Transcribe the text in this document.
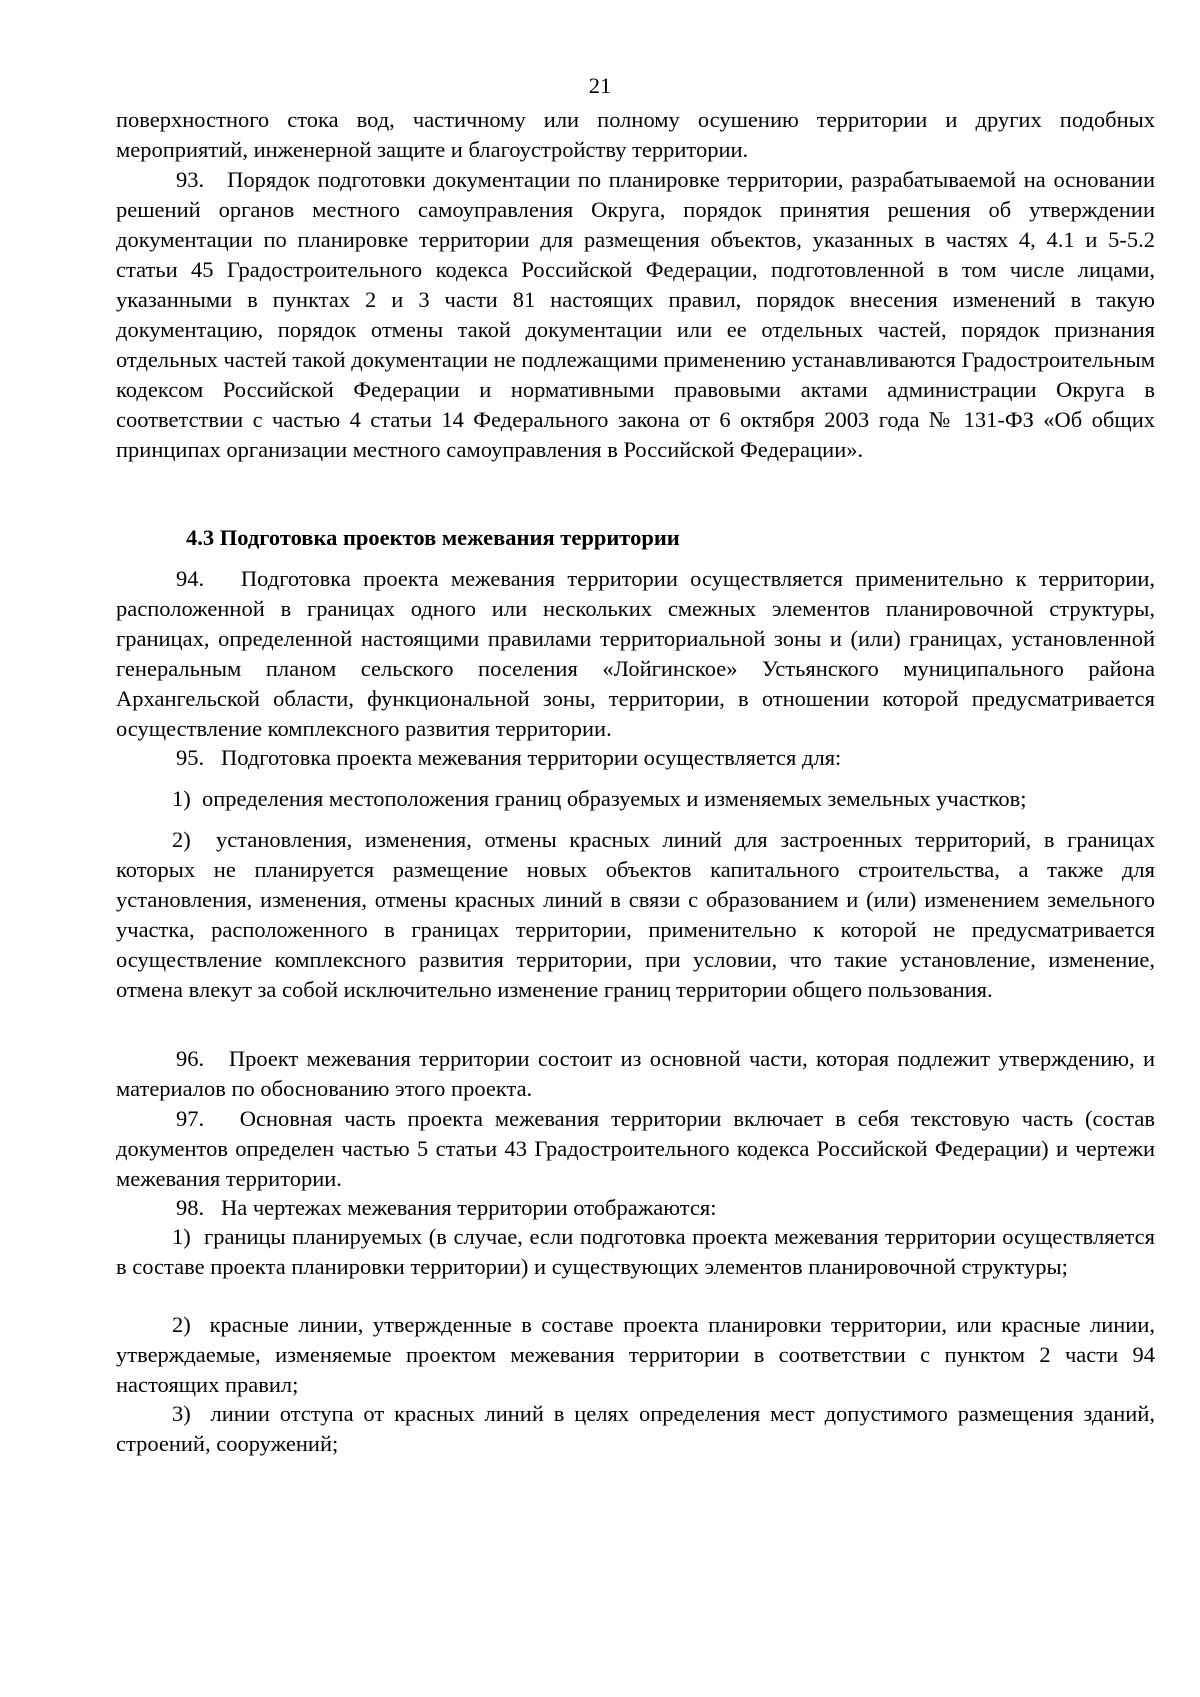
21
поверхностного стока вод, частичному или полному осушению территории и других подобных мероприятий, инженерной защите и благоустройству территории.
93.   Порядок подготовки документации по планировке территории, разрабатываемой на основании решений органов местного самоуправления Округа, порядок принятия решения об утверждении документации по планировке территории для размещения объектов, указанных в частях 4, 4.1 и 5-5.2 статьи 45 Градостроительного кодекса Российской Федерации, подготовленной в том числе лицами, указанными в пунктах 2 и 3 части 81 настоящих правил, порядок внесения изменений в такую документацию, порядок отмены такой документации или ее отдельных частей, порядок признания отдельных частей такой документации не подлежащими применению устанавливаются Градостроительным кодексом Российской Федерации и нормативными правовыми актами администрации Округа в соответствии с частью 4 статьи 14 Федерального закона от 6 октября 2003 года № 131-ФЗ «Об общих принципах организации местного самоуправления в Российской Федерации».
4.3 Подготовка проектов межевания территории
94.   Подготовка проекта межевания территории осуществляется применительно к территории, расположенной в границах одного или нескольких смежных элементов планировочной структуры, границах, определенной настоящими правилами территориальной зоны и (или) границах, установленной генеральным планом сельского поселения «Лойгинское» Устьянского муниципального района Архангельской области, функциональной зоны, территории, в отношении которой предусматривается осуществление комплексного развития территории.
95.   Подготовка проекта межевания территории осуществляется для:
1)  определения местоположения границ образуемых и изменяемых земельных участков;
2)  установления, изменения, отмены красных линий для застроенных территорий, в границах которых не планируется размещение новых объектов капитального строительства, а также для установления, изменения, отмены красных линий в связи с образованием и (или) изменением земельного участка, расположенного в границах территории, применительно к которой не предусматривается осуществление комплексного развития территории, при условии, что такие установление, изменение, отмена влекут за собой исключительно изменение границ территории общего пользования.
96.   Проект межевания территории состоит из основной части, которая подлежит утверждению, и материалов по обоснованию этого проекта.
97.   Основная часть проекта межевания территории включает в себя текстовую часть (состав документов определен частью 5 статьи 43 Градостроительного кодекса Российской Федерации) и чертежи межевания территории.
98.   На чертежах межевания территории отображаются:
1)  границы планируемых (в случае, если подготовка проекта межевания территории осуществляется в составе проекта планировки территории) и существующих элементов планировочной структуры;
2)  красные линии, утвержденные в составе проекта планировки территории, или красные линии, утверждаемые, изменяемые проектом межевания территории в соответствии с пунктом 2 части 94 настоящих правил;
3)  линии отступа от красных линий в целях определения мест допустимого размещения зданий, строений, сооружений;
